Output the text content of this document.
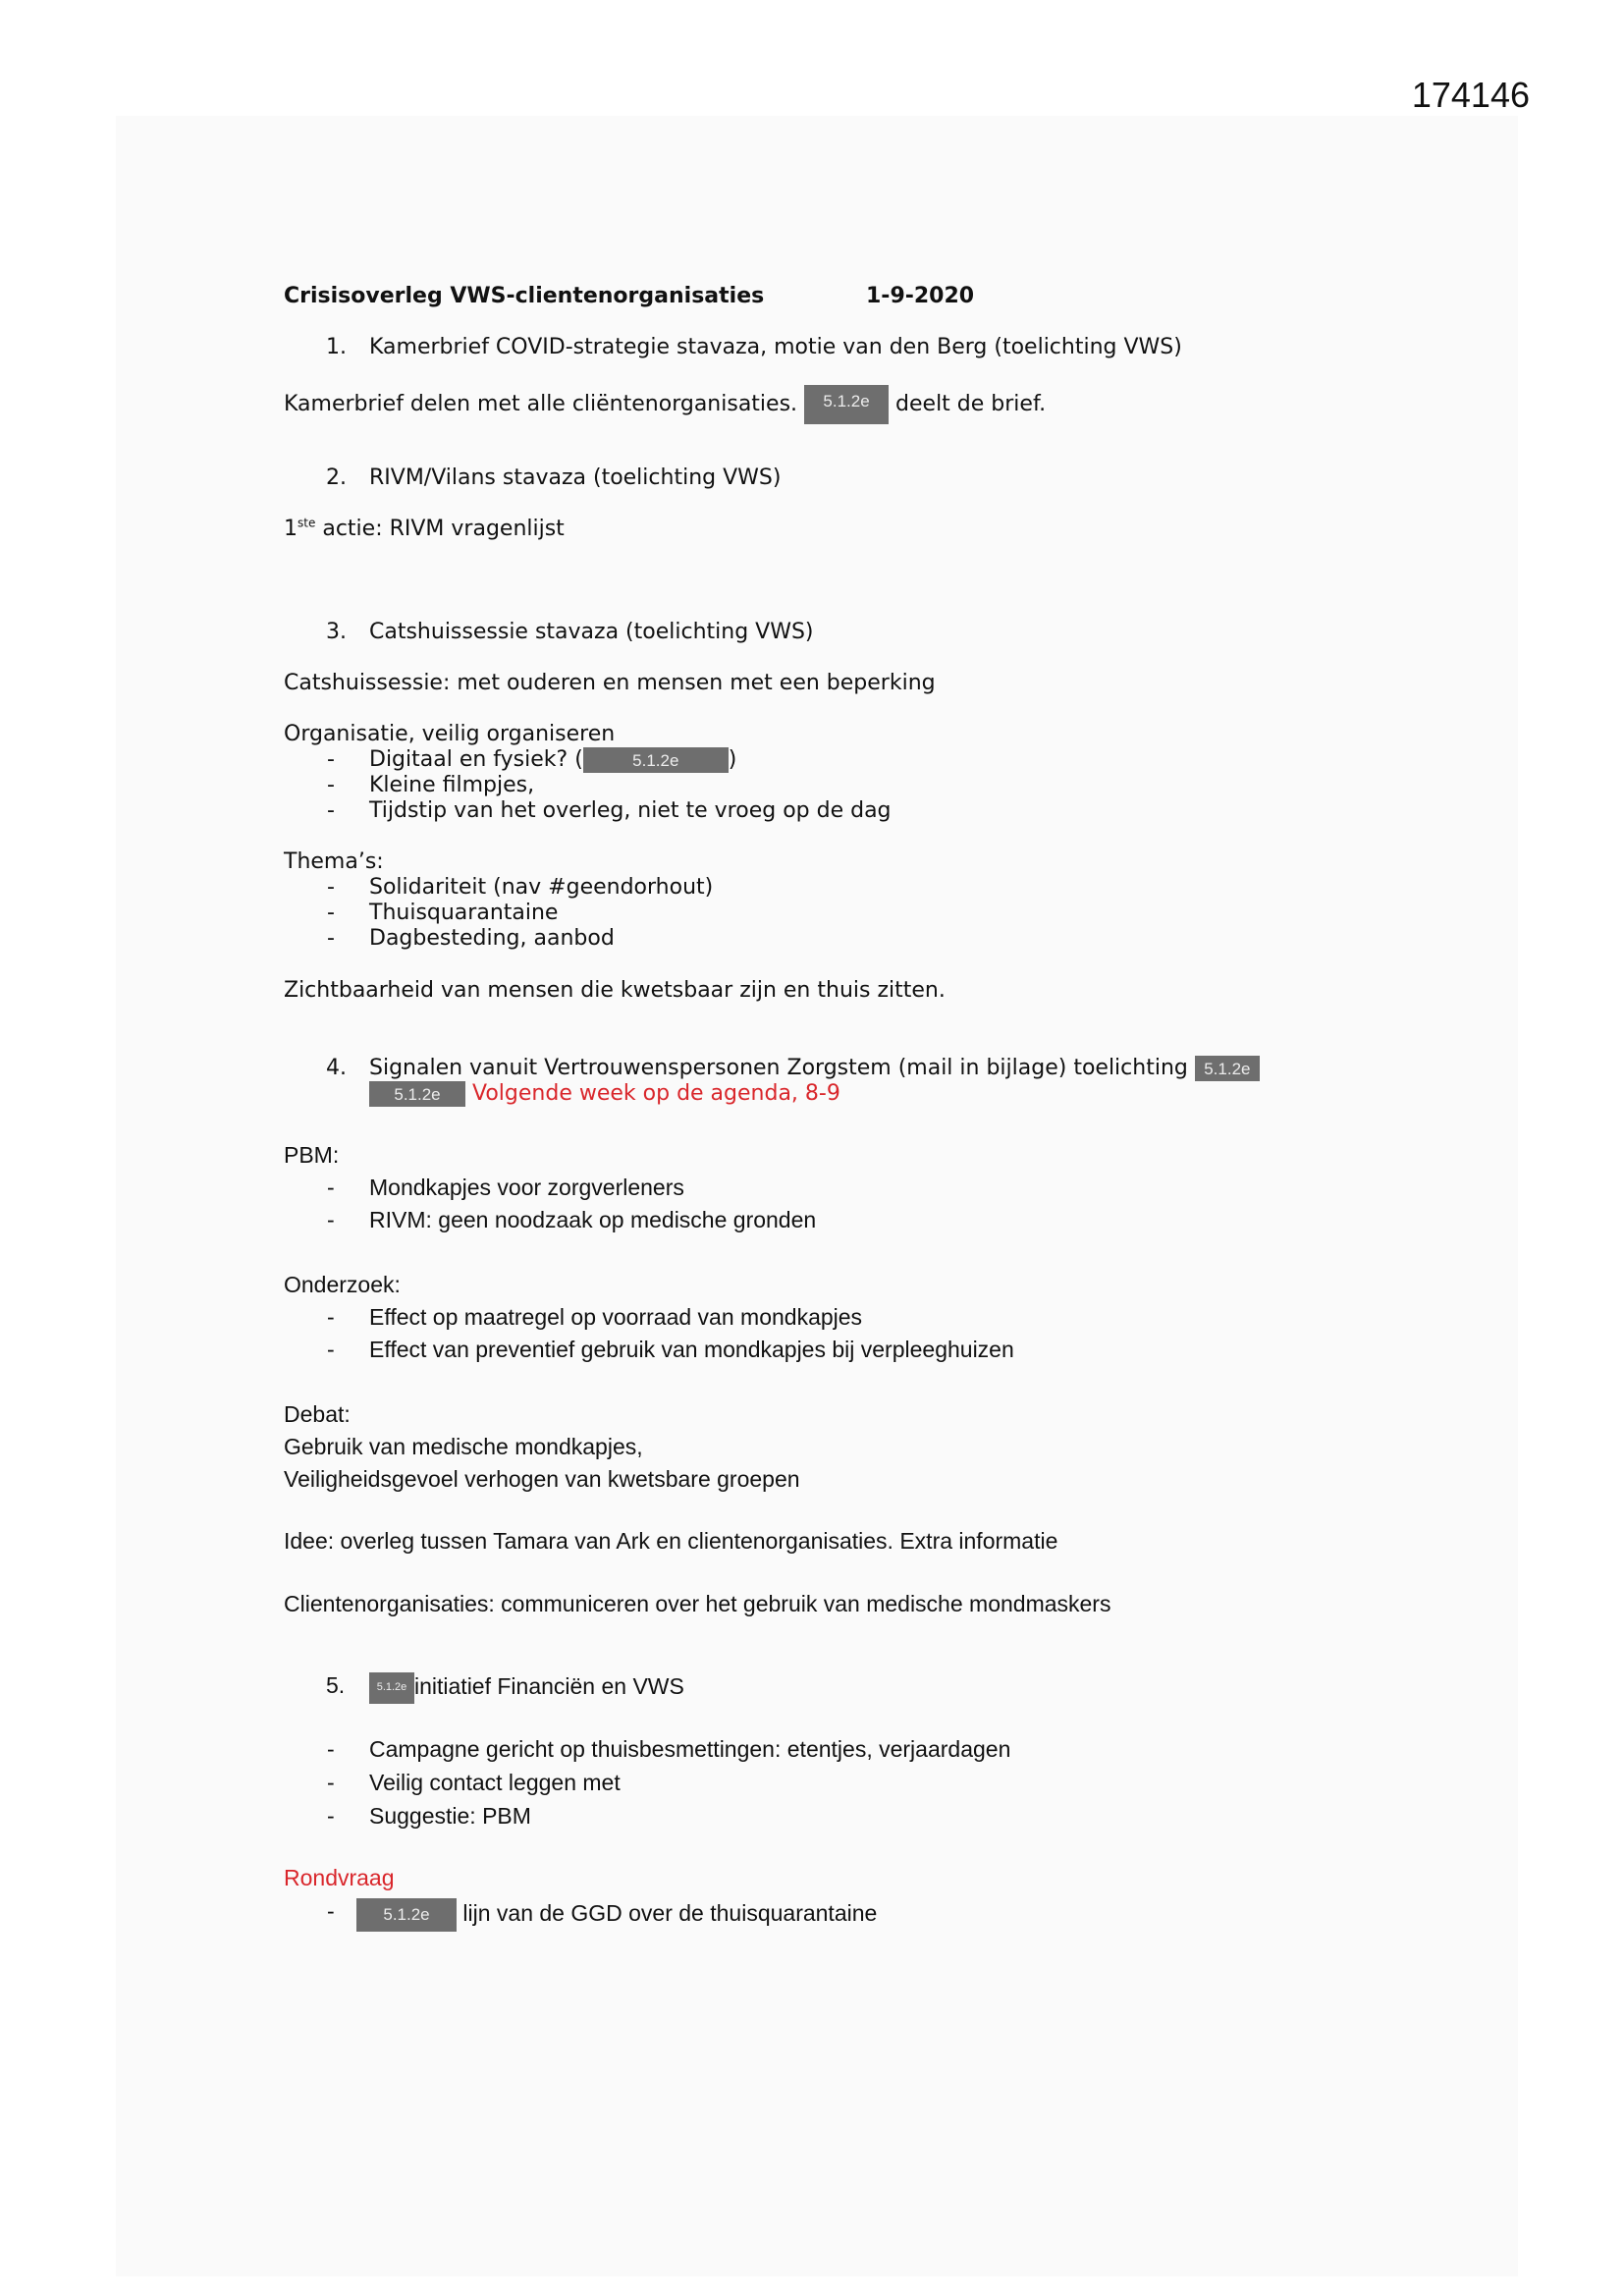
174146
Crisisoverleg VWS-clientenorganisaties	1-9-2020
1. Kamerbrief COVID-strategie stavaza, motie van den Berg (toelichting VWS)
Kamerbrief delen met alle cliëntenorganisaties. 5.1.2e deelt de brief.
2. RIVM/Vilans stavaza (toelichting VWS)
1ste actie: RIVM vragenlijst
3. Catshuissessie stavaza (toelichting VWS)
Catshuissessie: met ouderen en mensen met een beperking
Organisatie, veilig organiseren
- Digitaal en fysiek? (	5.1.2e )
- Kleine filmpjes,
- Tijdstip van het overleg, niet te vroeg op de dag
Thema’s:
- Solidariteit (nav #geendorhout)
- Thuisquarantaine
- Dagbesteding, aanbod
Zichtbaarheid van mensen die kwetsbaar zijn en thuis zitten.
4. Signalen vanuit Vertrouwenspersonen Zorgstem (mail in bijlage) toelichting 5.1.2e
5.1.2e Volgende week op de agenda, 8-9
PBM:
- Mondkapjes voor zorgverleners
- RIVM: geen noodzaak op medische gronden
Onderzoek:
- Effect op maatregel op voorraad van mondkapjes
- Effect van preventief gebruik van mondkapjes bij verpleeghuizen
Debat:
Gebruik van medische mondkapjes,
Veiligheidsgevoel verhogen van kwetsbare groepen
Idee: overleg tussen Tamara van Ark en clientenorganisaties. Extra informatie
Clientenorganisaties: communiceren over het gebruik van medische mondmaskers
5.	5.1.2e initiatief Financiën en VWS
- Campagne gericht op thuisbesmettingen: etentjes, verjaardagen
- Veilig contact leggen met
- Suggestie: PBM
Rondvraag
-	5.1.2e lijn van de GGD over de thuisquarantaine
